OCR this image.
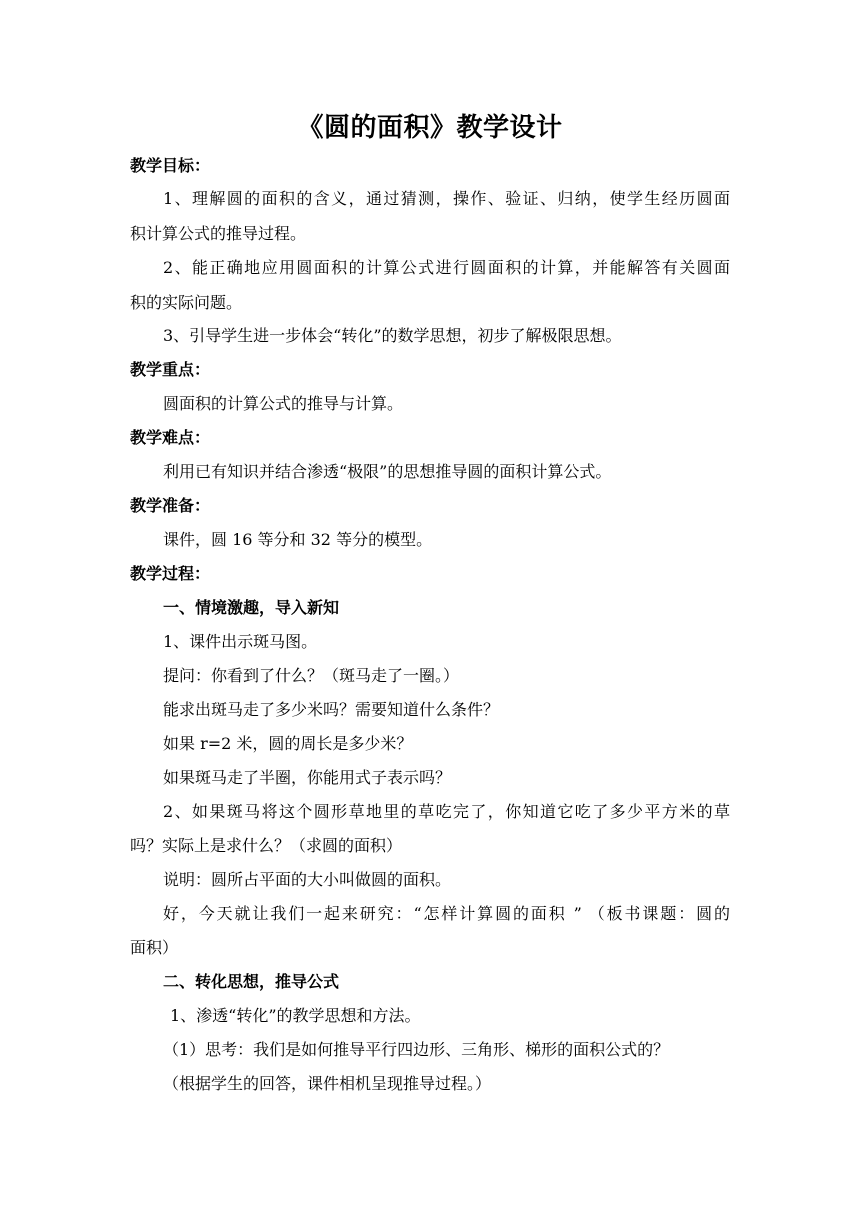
《圆的面积》教学设计
教学目标：
1、理解圆的面积的含义，通过猜测，操作、验证、归纳，使学生经历圆面
积计算公式的推导过程。
2、能正确地应用圆面积的计算公式进行圆面积的计算，并能解答有关圆面
积的实际问题。
3、引导学生进一步体会“转化”的数学思想，初步了解极限思想。
教学重点：
圆面积的计算公式的推导与计算。
教学难点：
利用已有知识并结合渗透“极限”的思想推导圆的面积计算公式。
教学准备：
课件，圆 16 等分和 32 等分的模型。
教学过程：
一、情境激趣，导入新知
1、课件出示斑马图。
提问：你看到了什么？（斑马走了一圈。）
能求出斑马走了多少米吗？需要知道什么条件？
如果 r=2 米，圆的周长是多少米？
如果斑马走了半圈，你能用式子表示吗？
2、如果斑马将这个圆形草地里的草吃完了，你知道它吃了多少平方米的草
吗？实际上是求什么？（求圆的面积）
说明：圆所占平面的大小叫做圆的面积。
好，今天就让我们一起来研究：“怎样计算圆的面积 ” （板书课题：圆的
面积）
二、转化思想，推导公式
1、渗透“转化”的教学思想和方法。
（1）思考：我们是如何推导平行四边形、三角形、梯形的面积公式的？
（根据学生的回答，课件相机呈现推导过程。）
